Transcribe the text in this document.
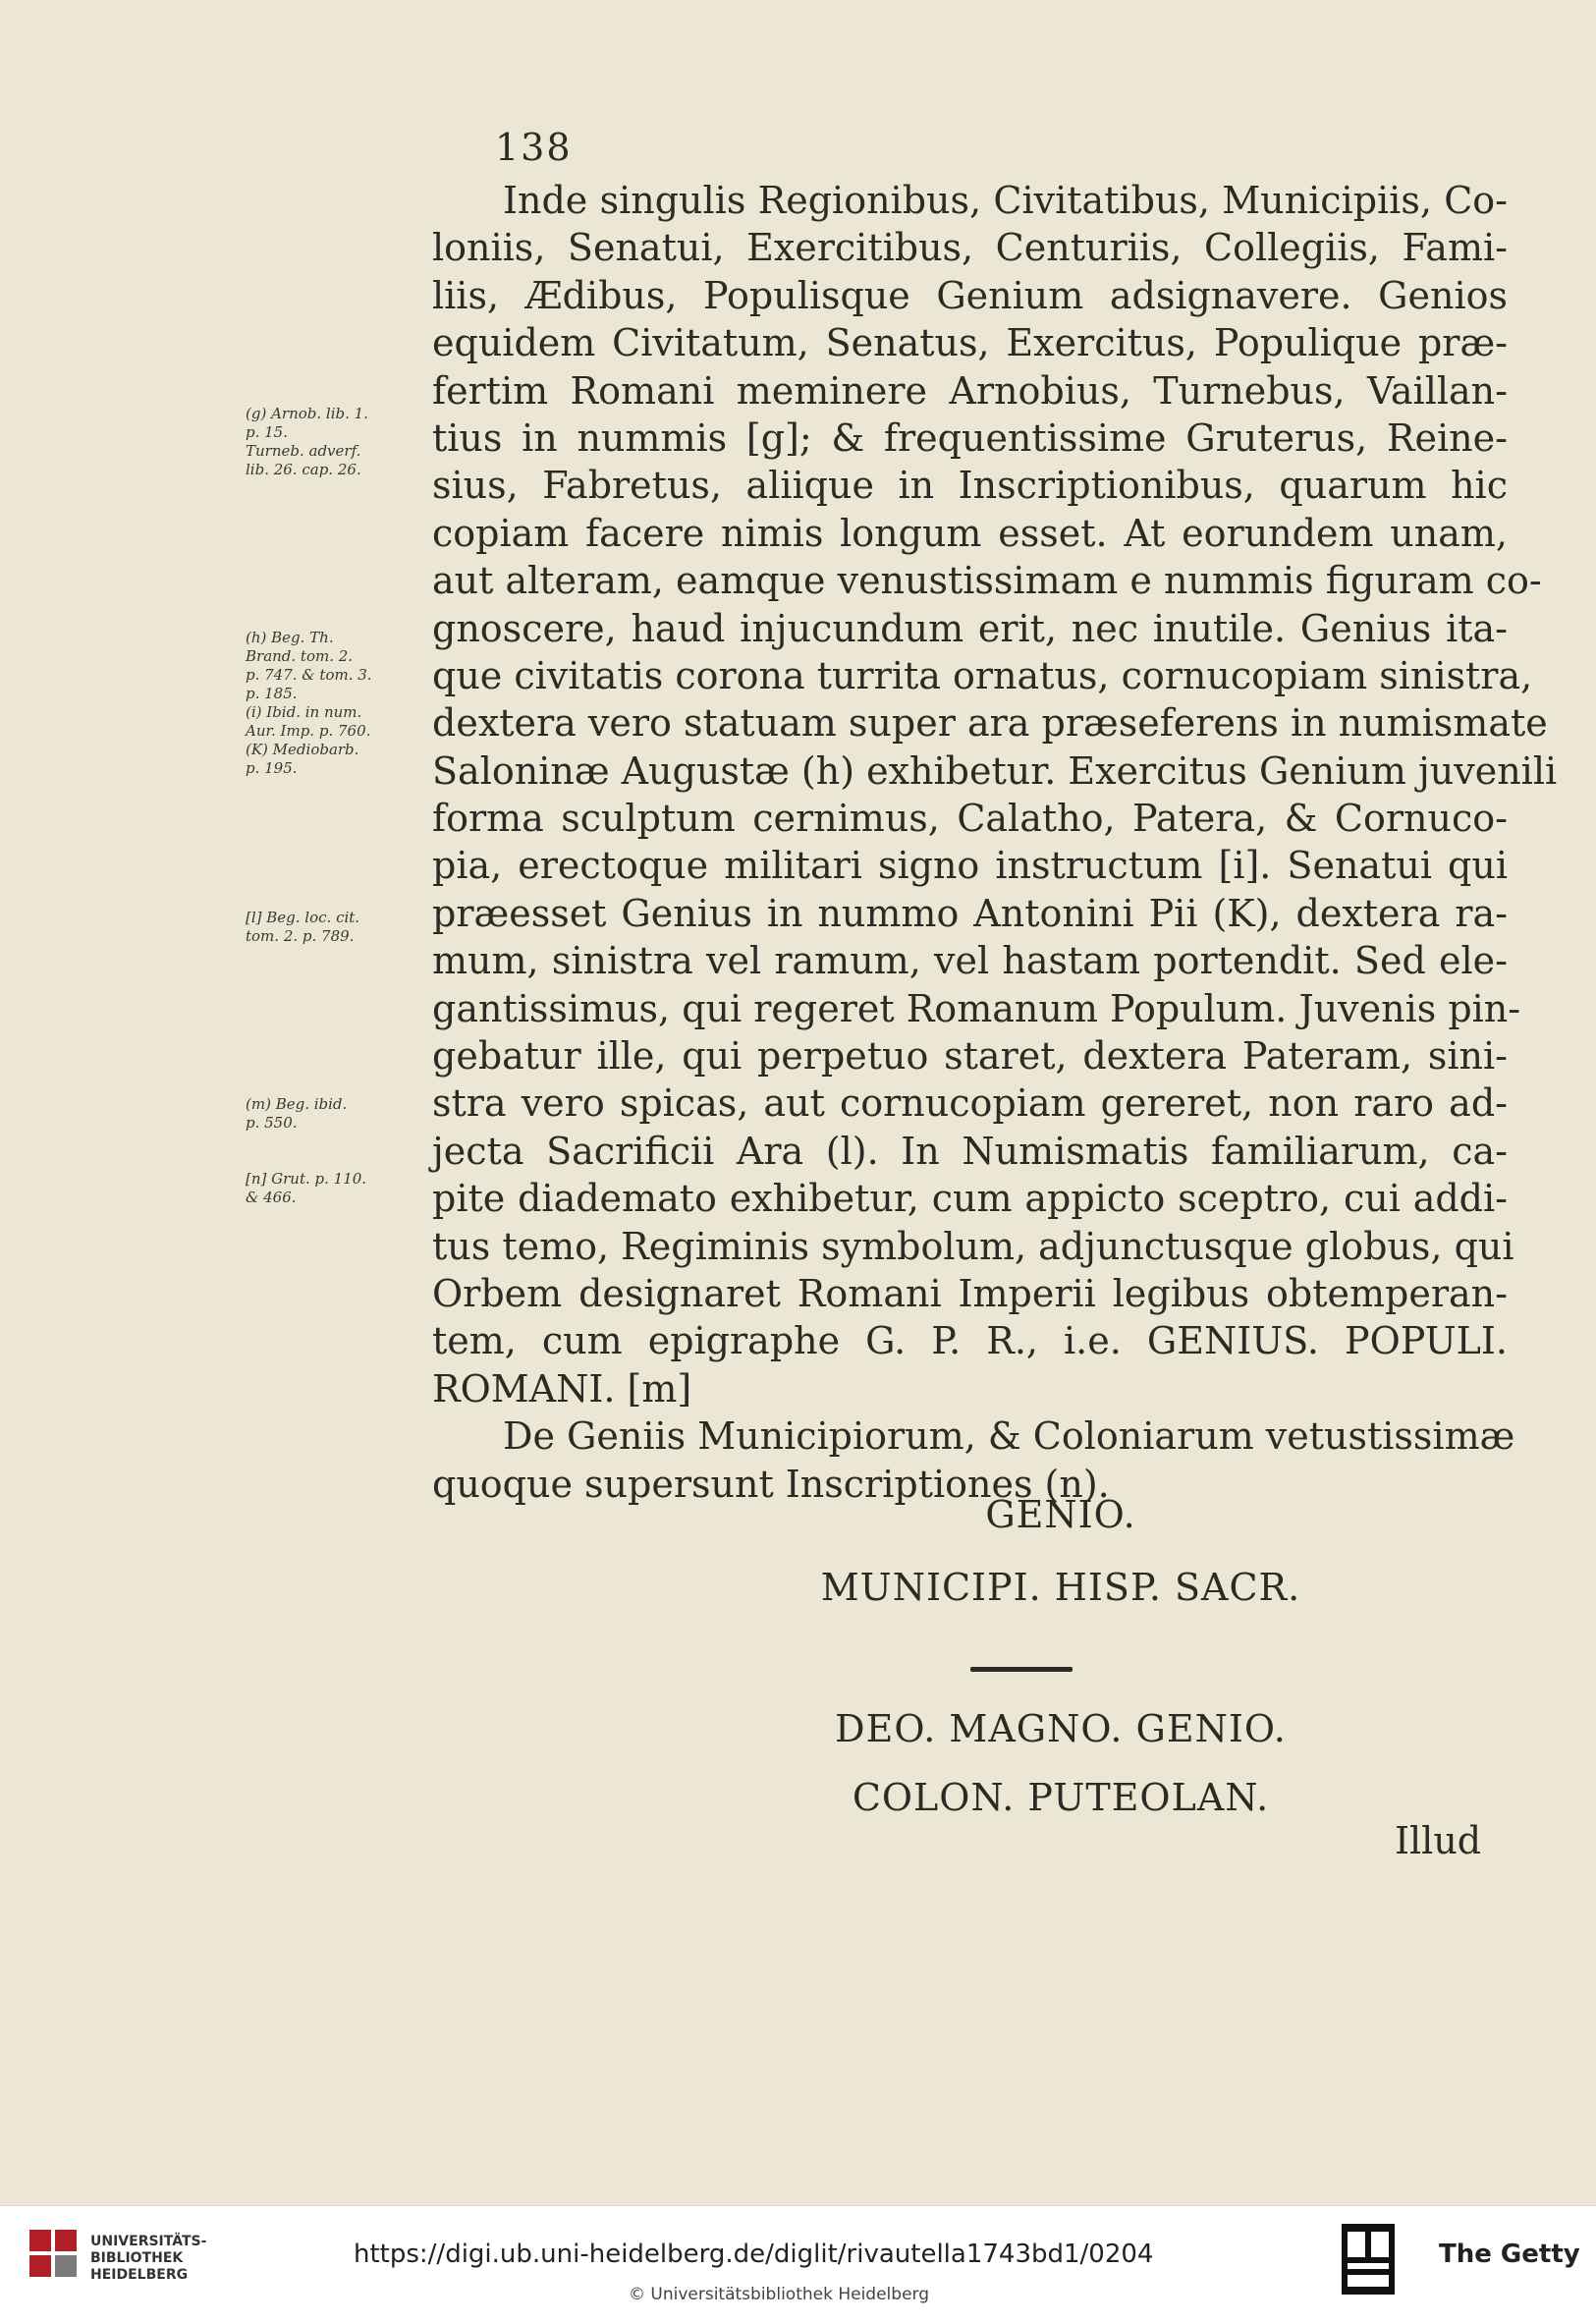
138
Inde singulis Regionibus, Civitatibus, Municipiis, Co-
loniis, Senatui, Exercitibus, Centuriis, Collegiis, Fami-
liis, Ædibus, Populisque Genium adsignavere. Genios
equidem Civitatum, Senatus, Exercitus, Populique præ-
fertim Romani meminere Arnobius, Turnebus, Vaillan-
tius in nummis [g]; & frequentissime Gruterus, Reine-
sius, Fabretus, aliique in Inscriptionibus, quarum hic
copiam facere nimis longum esset. At eorundem unam,
aut alteram, eamque venustissimam e nummis figuram co-
gnoscere, haud injucundum erit, nec inutile. Genius ita-
que civitatis corona turrita ornatus, cornucopiam sinistra,
dextera vero statuam super ara præseferens in numismate
Saloninæ Augustæ (h) exhibetur. Exercitus Genium juvenili
forma sculptum cernimus, Calatho, Patera, & Cornuco-
pia, erectoque militari signo instructum [i]. Senatui qui
præesset Genius in nummo Antonini Pii (K), dextera ra-
mum, sinistra vel ramum, vel hastam portendit. Sed ele-
gantissimus, qui regeret Romanum Populum. Juvenis pin-
gebatur ille, qui perpetuo staret, dextera Pateram, sini-
stra vero spicas, aut cornucopiam gereret, non raro ad-
jecta Sacrificii Ara (l). In Numismatis familiarum, ca-
pite diademato exhibetur, cum appicto sceptro, cui addi-
tus temo, Regiminis symbolum, adjunctusque globus, qui
Orbem designaret Romani Imperii legibus obtemperan-
tem, cum epigraphe G. P. R., i.e. GENIUS. POPULI.
ROMANI. [m]
De Geniis Municipiorum, & Coloniarum vetustissimæ
quoque supersunt Inscriptiones (n).
(g) Arnob. lib. 1.
p. 15.
Turneb. adverf.
lib. 26. cap. 26.

(h) Beg. Th.
Brand. tom. 2.
p. 747. & tom. 3.
p. 185.
(i) Ibid. in num.
Aur. Imp. p. 760.
(K) Mediobarb.
p. 195.

[l] Beg. loc. cit.
tom. 2. p. 789.

(m) Beg. ibid.
p. 550.

[n] Grut. p. 110.
& 466.
GENIO.
MUNICIPI. HISP. SACR.
DEO. MAGNO. GENIO.
COLON. PUTEOLAN.
Illud
UNIVERSITÄTS-
BIBLIOTHEK
HEIDELBERG
https://digi.ub.uni-heidelberg.de/diglit/rivautella1743bd1/0204
© Universitätsbibliothek Heidelberg
The Getty
